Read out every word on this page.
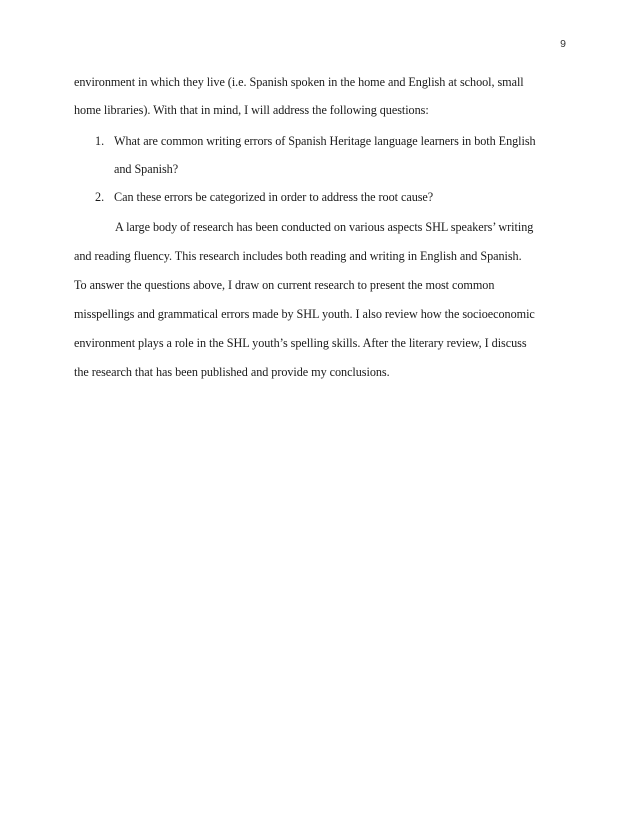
9
environment in which they live (i.e. Spanish spoken in the home and English at school, small
home libraries). With that in mind, I will address the following questions:
1. What are common writing errors of Spanish Heritage language learners in both English
and Spanish?
2. Can these errors be categorized in order to address the root cause?
A large body of research has been conducted on various aspects SHL speakers’ writing
and reading fluency. This research includes both reading and writing in English and Spanish.
To answer the questions above, I draw on current research to present the most common
misspellings and grammatical errors made by SHL youth. I also review how the socioeconomic
environment plays a role in the SHL youth’s spelling skills. After the literary review, I discuss
the research that has been published and provide my conclusions.
